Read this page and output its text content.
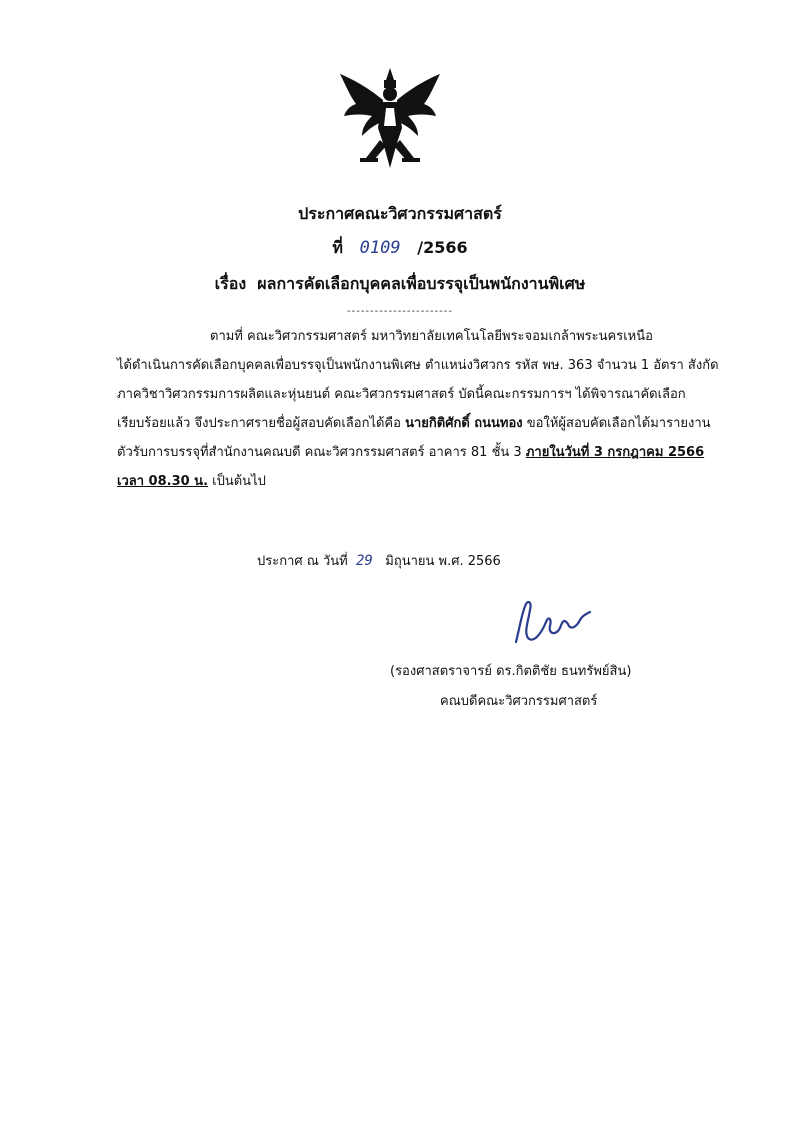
ประกาศคณะวิศวกรรมศาสตร์
ที่ 0109 /2566
เรื่อง ผลการคัดเลือกบุคคลเพื่อบรรจุเป็นพนักงานพิเศษ
-----------------------
ตามที่ คณะวิศวกรรมศาสตร์ มหาวิทยาลัยเทคโนโลยีพระจอมเกล้าพระนครเหนือ
ได้ดำเนินการคัดเลือกบุคคลเพื่อบรรจุเป็นพนักงานพิเศษ ตำแหน่งวิศวกร รหัส พษ. 363 จำนวน 1 อัตรา สังกัด
ภาควิชาวิศวกรรมการผลิตและหุ่นยนต์ คณะวิศวกรรมศาสตร์ บัดนี้คณะกรรมการฯ ได้พิจารณาคัดเลือก
เรียบร้อยแล้ว จึงประกาศรายชื่อผู้สอบคัดเลือกได้คือ นายกิติศักดิ์ ถนนทอง ขอให้ผู้สอบคัดเลือกได้มารายงาน
ตัวรับการบรรจุที่สำนักงานคณบดี คณะวิศวกรรมศาสตร์ อาคาร 81 ชั้น 3 ภายในวันที่ 3 กรกฎาคม 2566
เวลา 08.30 น. เป็นต้นไป
ประกาศ ณ วันที่ 29 มิถุนายน พ.ศ. 2566
(รองศาสตราจารย์ ดร.กิตติชัย ธนทรัพย์สิน)
คณบดีคณะวิศวกรรมศาสตร์
